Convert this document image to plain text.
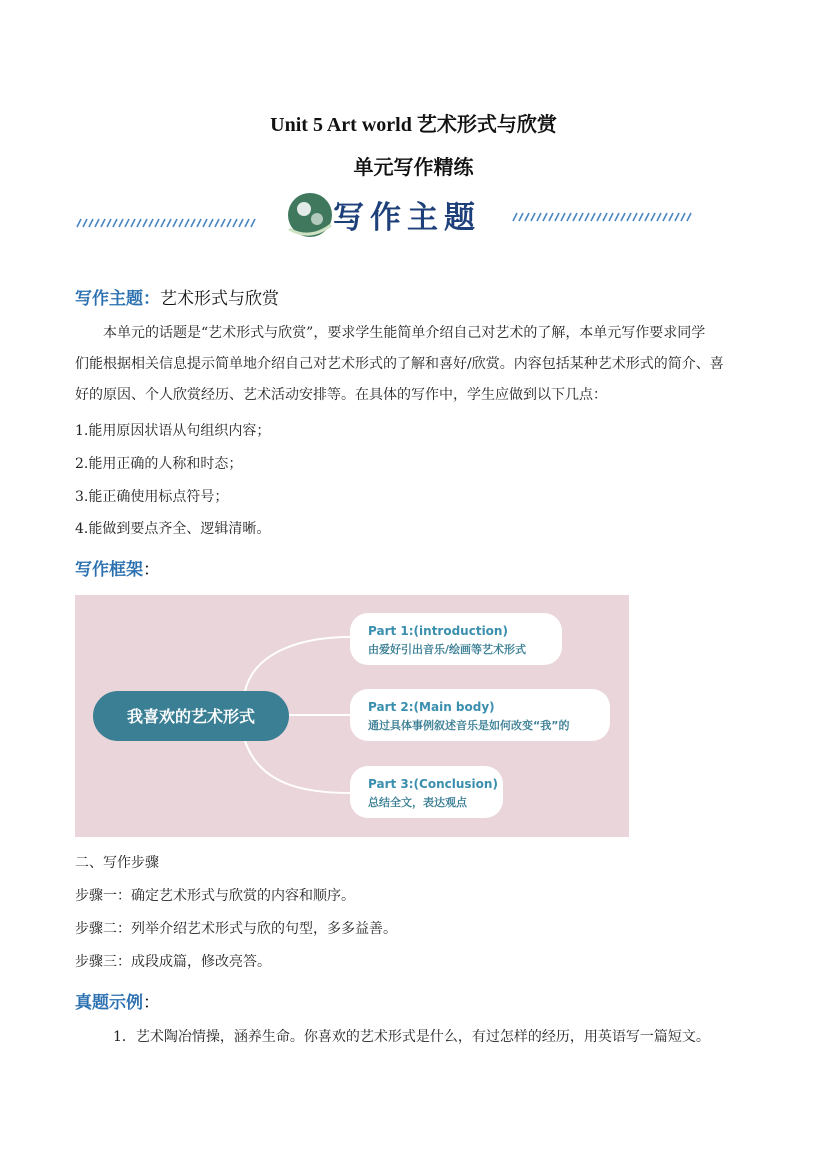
Unit 5 Art world 艺术形式与欣赏
单元写作精练
写作主题
写作主题：艺术形式与欣赏
本单元的话题是“艺术形式与欣赏”，要求学生能简单介绍自己对艺术的了解，本单元写作要求同学
们能根据相关信息提示简单地介绍自己对艺术形式的了解和喜好/欣赏。内容包括某种艺术形式的简介、喜
好的原因、个人欣赏经历、艺术活动安排等。在具体的写作中，学生应做到以下几点：
1.能用原因状语从句组织内容；
2.能用正确的人称和时态；
3.能正确使用标点符号；
4.能做到要点齐全、逻辑清晰。
写作框架：
我喜欢的艺术形式
Part 1:(introduction)
由爱好引出音乐/绘画等艺术形式
Part 2:(Main body)
通过具体事例叙述音乐是如何改变“我”的
Part 3:(Conclusion)
总结全文，表达观点
二、写作步骤
步骤一：确定艺术形式与欣赏的内容和顺序。
步骤二：列举介绍艺术形式与欣的句型，多多益善。
步骤三：成段成篇，修改亮答。
真题示例：
1．艺术陶冶情操，涵养生命。你喜欢的艺术形式是什么，有过怎样的经历，用英语写一篇短文。
